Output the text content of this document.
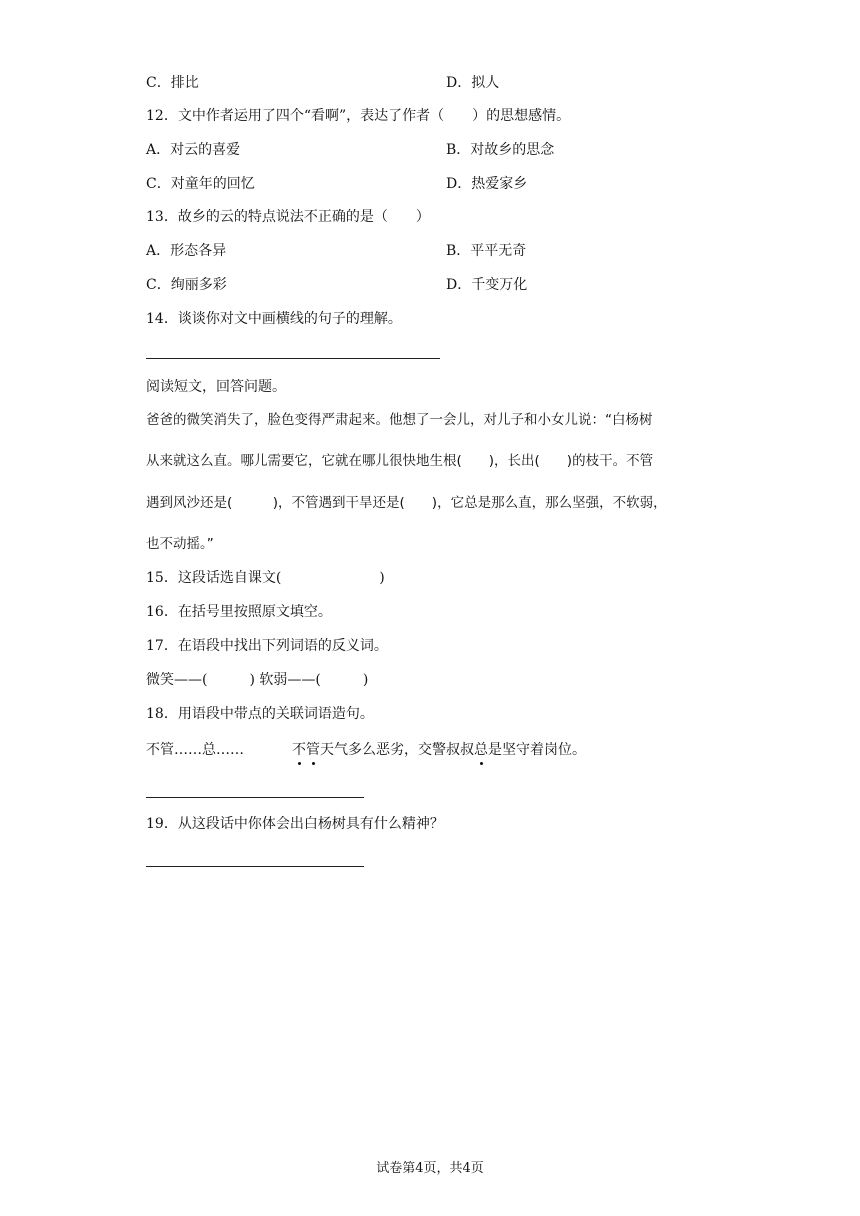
C．排比	D．拟人
12．文中作者运用了四个“看啊”，表达了作者（　　）的思想感情。
A．对云的喜爱	B．对故乡的思念
C．对童年的回忆	D．热爱家乡
13．故乡的云的特点说法不正确的是（　　）
A．形态各异	B．平平无奇
C．绚丽多彩	D．千变万化
14．谈谈你对文中画横线的句子的理解。
阅读短文，回答问题。
爸爸的微笑消失了，脸色变得严肃起来。他想了一会儿，对儿子和小女儿说：“白杨树
从来就这么直。哪儿需要它，它就在哪儿很快地生根(　　)，长出(　　)的枝干。不管
遇到风沙还是(　　　)，不管遇到干旱还是(　　)，它总是那么直，那么坚强，不软弱，
也不动摇。”
15．这段话选自课文(　　　　　　　)
16．在括号里按照原文填空。
17．在语段中找出下列词语的反义词。
微笑——(　　　) 软弱——(　　　)
18．用语段中带点的关联词语造句。
不管……总……	不管天气多么恶劣，交警叔叔总是坚守着岗位。
19．从这段话中你体会出白杨树具有什么精神？
试卷第4页，共4页
